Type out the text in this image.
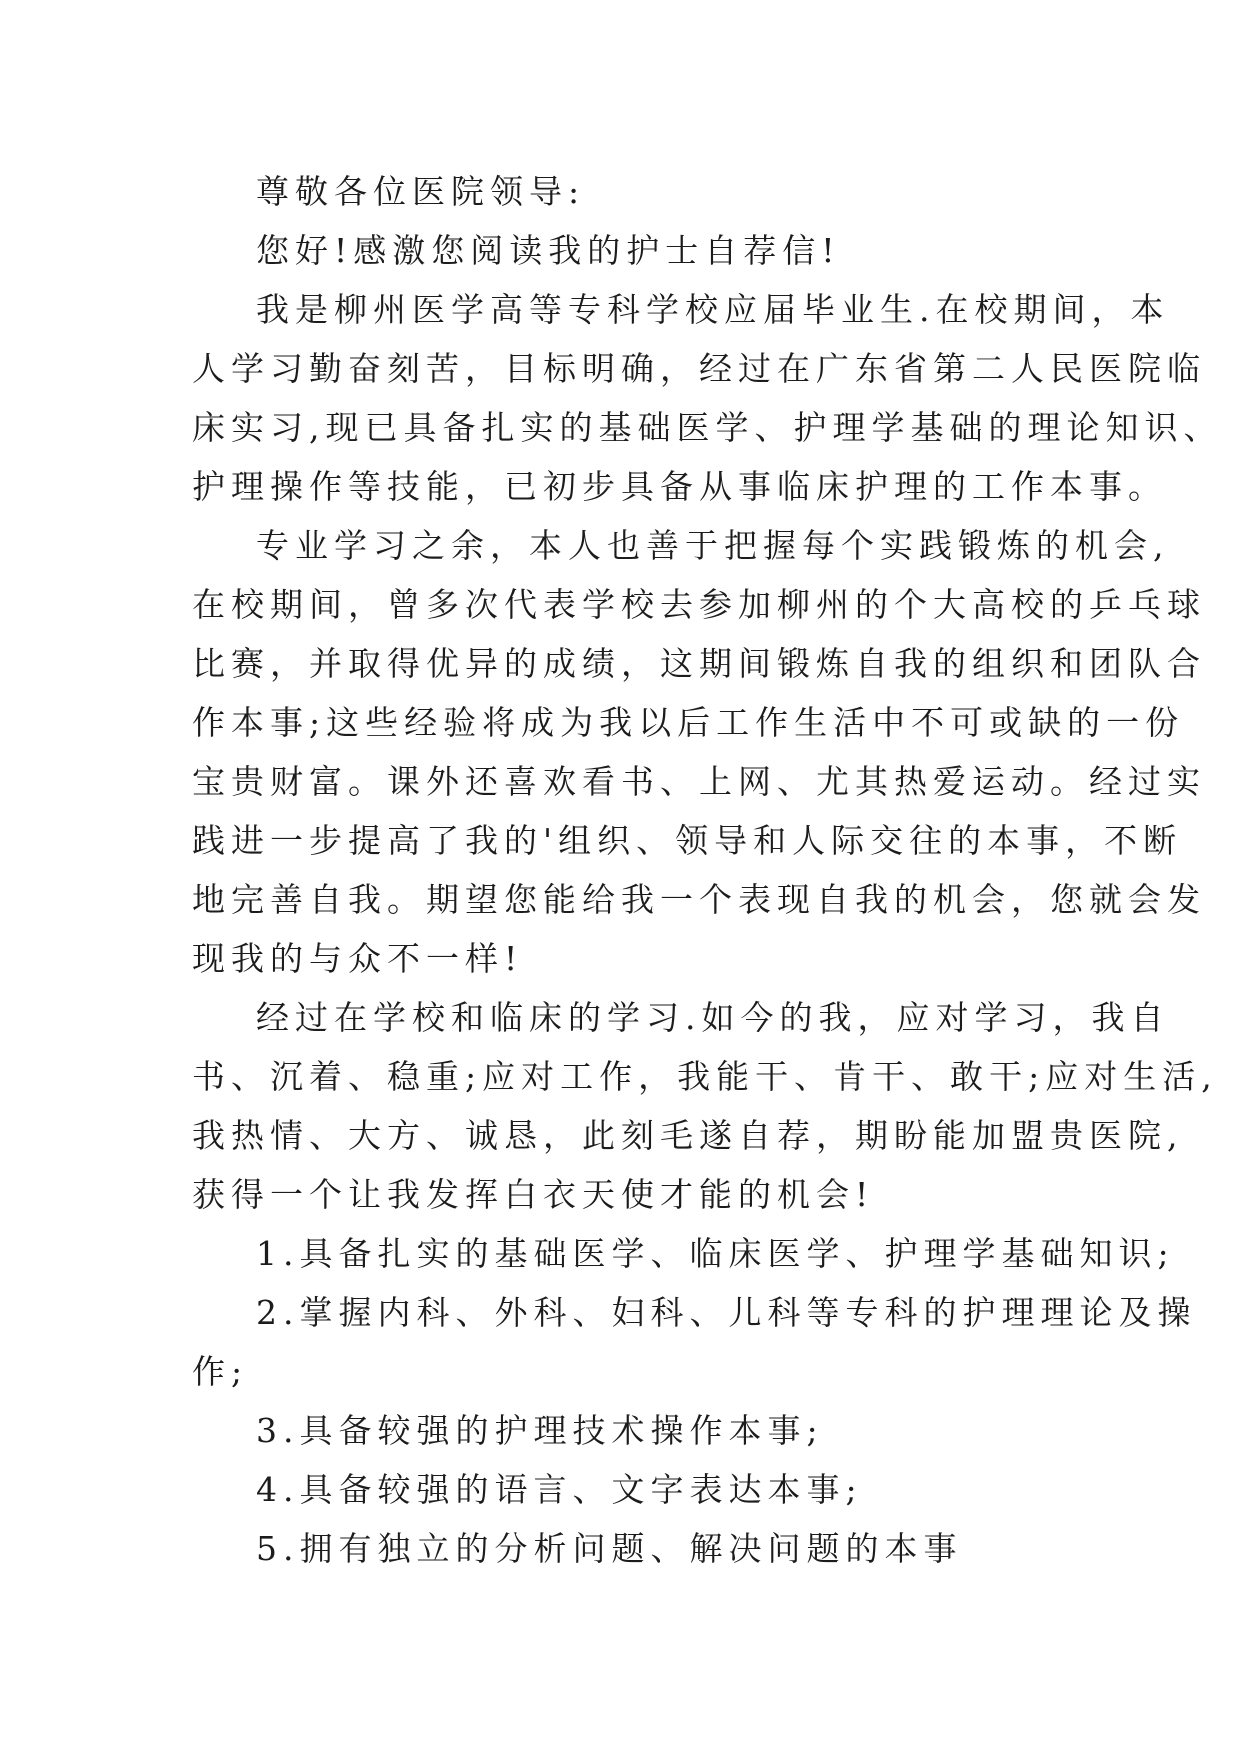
尊敬各位医院领导:
您好!感激您阅读我的护士自荐信!
我是柳州医学高等专科学校应届毕业生.在校期间，本
人学习勤奋刻苦，目标明确，经过在广东省第二人民医院临
床实习,现已具备扎实的基础医学、护理学基础的理论知识、
护理操作等技能，已初步具备从事临床护理的工作本事。
专业学习之余，本人也善于把握每个实践锻炼的机会,
在校期间，曾多次代表学校去参加柳州的个大高校的乒乓球
比赛，并取得优异的成绩，这期间锻炼自我的组织和团队合
作本事;这些经验将成为我以后工作生活中不可或缺的一份
宝贵财富。课外还喜欢看书、上网、尤其热爱运动。经过实
践进一步提高了我的'组织、领导和人际交往的本事，不断
地完善自我。期望您能给我一个表现自我的机会，您就会发
现我的与众不一样!
经过在学校和临床的学习.如今的我，应对学习，我自
书、沉着、稳重;应对工作，我能干、肯干、敢干;应对生活,
我热情、大方、诚恳，此刻毛遂自荐，期盼能加盟贵医院,
获得一个让我发挥白衣天使才能的机会!
1.具备扎实的基础医学、临床医学、护理学基础知识;
2.掌握内科、外科、妇科、儿科等专科的护理理论及操
作;
3.具备较强的护理技术操作本事;
4.具备较强的语言、文字表达本事;
5.拥有独立的分析问题、解决问题的本事
